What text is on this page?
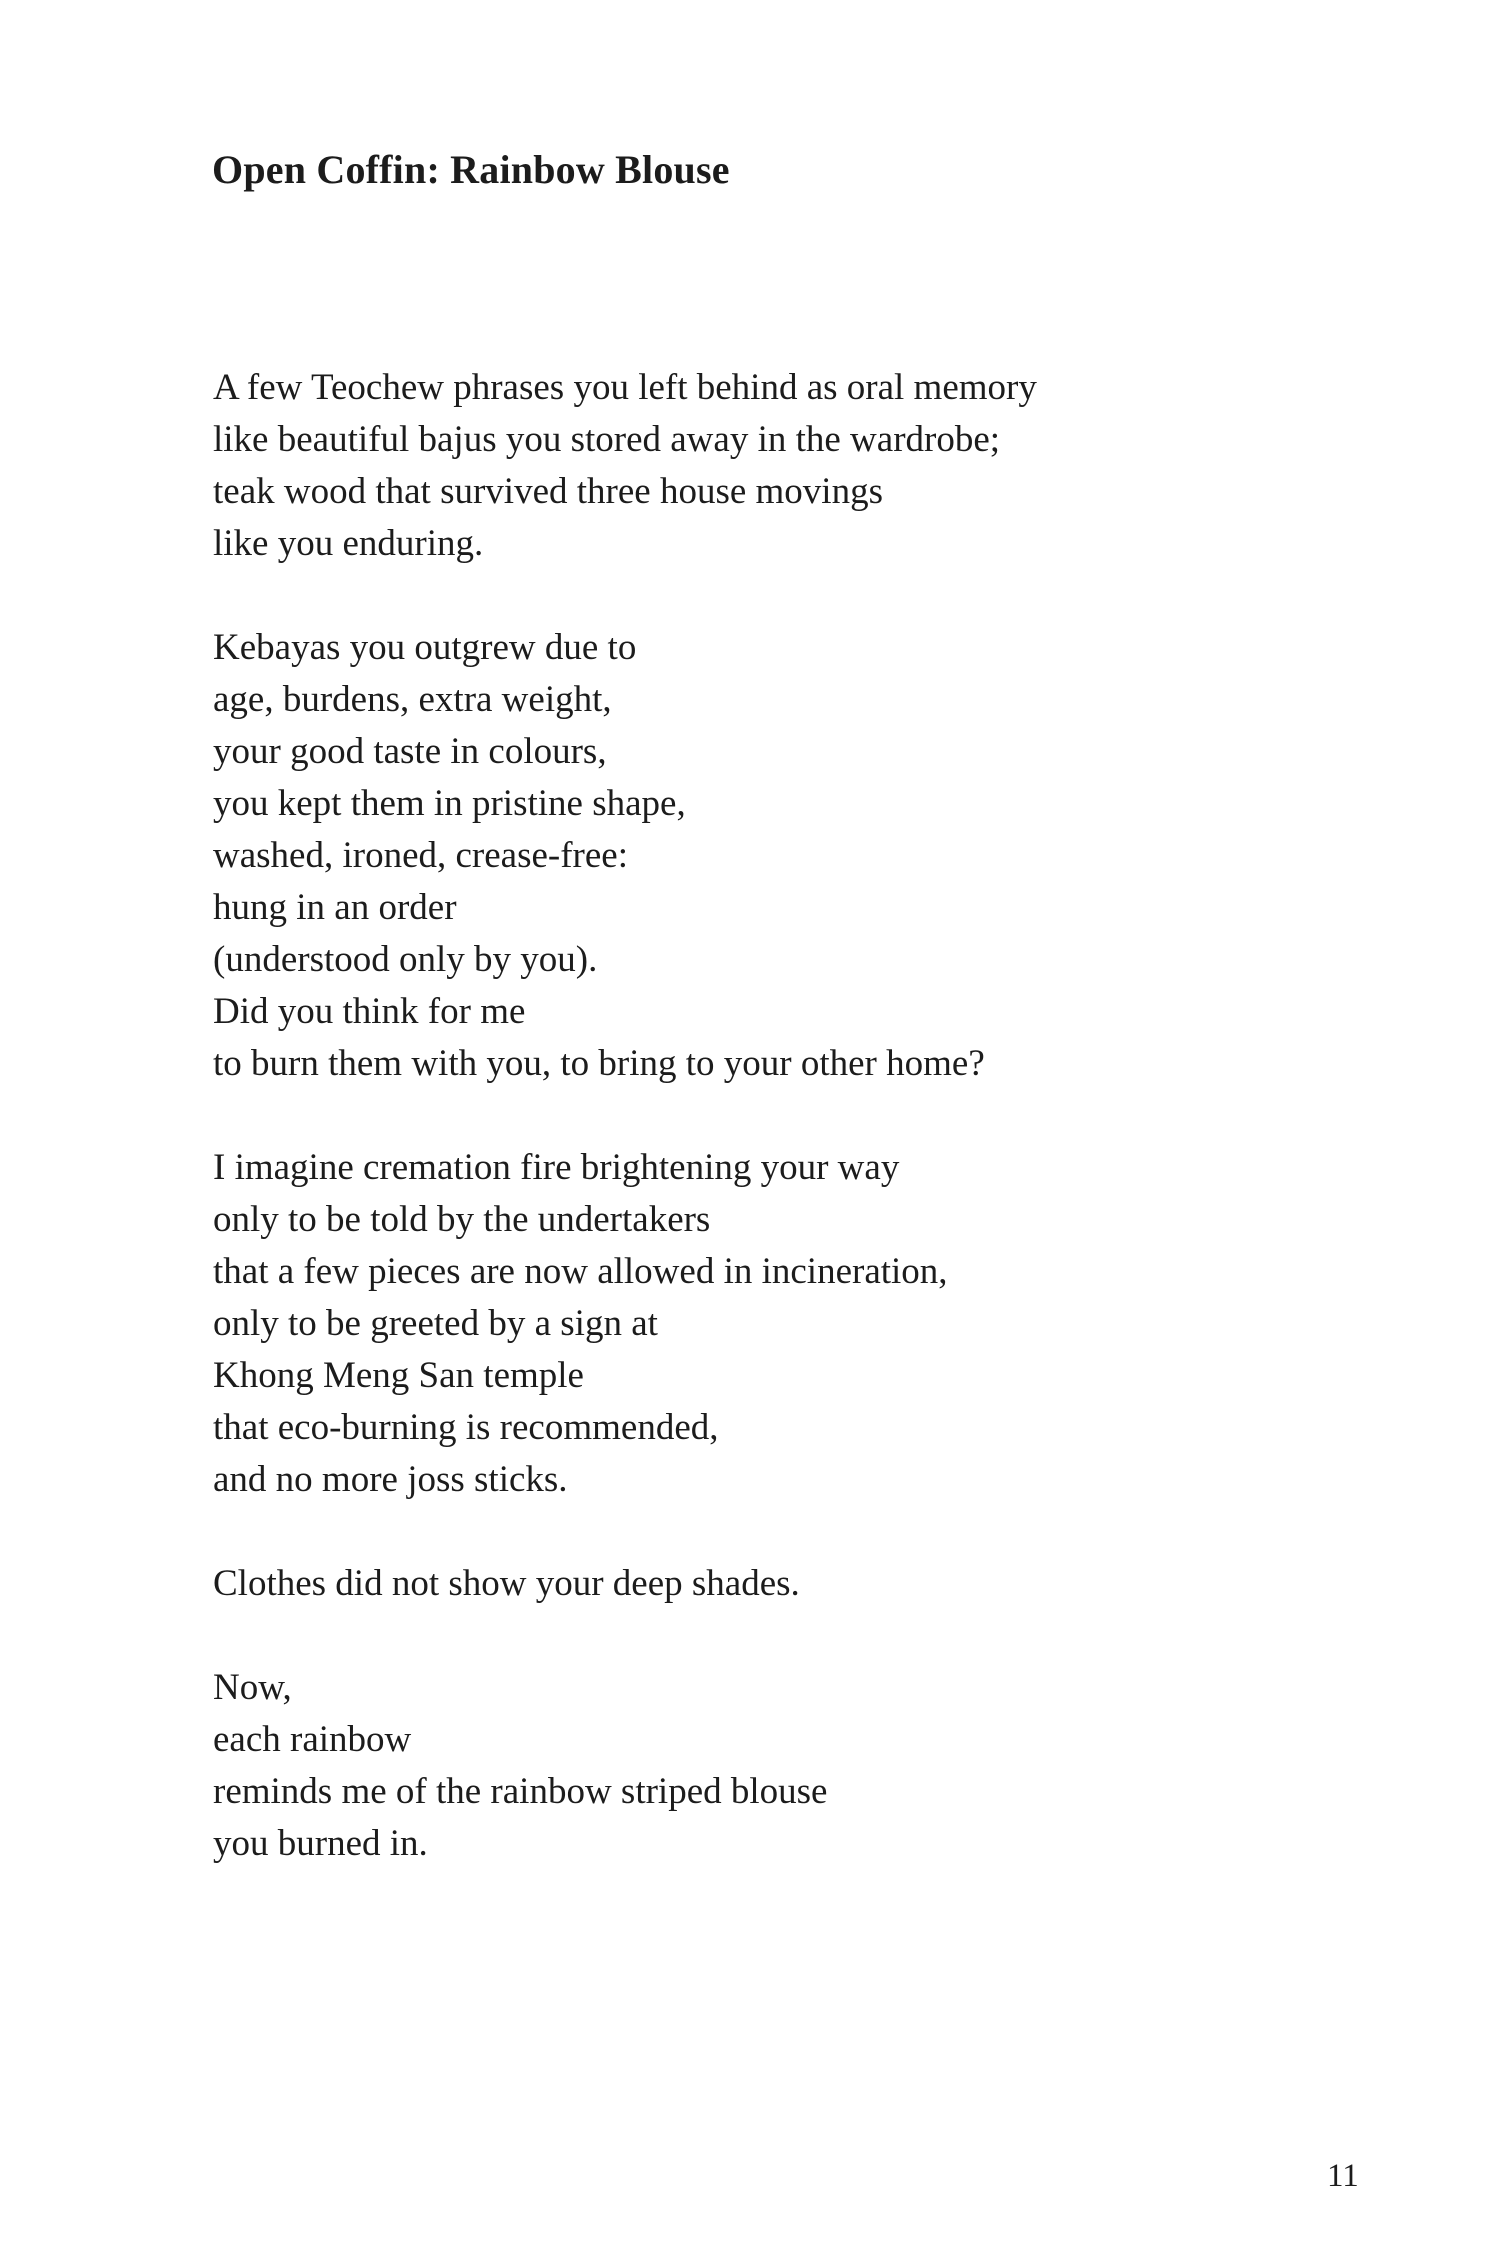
Open Coffin: Rainbow Blouse
A few Teochew phrases you left behind as oral memory
like beautiful bajus you stored away in the wardrobe;
teak wood that survived three house movings
like you enduring.
Kebayas you outgrew due to
age, burdens, extra weight,
your good taste in colours,
you kept them in pristine shape,
washed, ironed, crease-free:
hung in an order
(understood only by you).
Did you think for me
to burn them with you, to bring to your other home?
I imagine cremation fire brightening your way
only to be told by the undertakers
that a few pieces are now allowed in incineration,
only to be greeted by a sign at
Khong Meng San temple
that eco-burning is recommended,
and no more joss sticks.
Clothes did not show your deep shades.
Now,
each rainbow
reminds me of the rainbow striped blouse
you burned in.
11
